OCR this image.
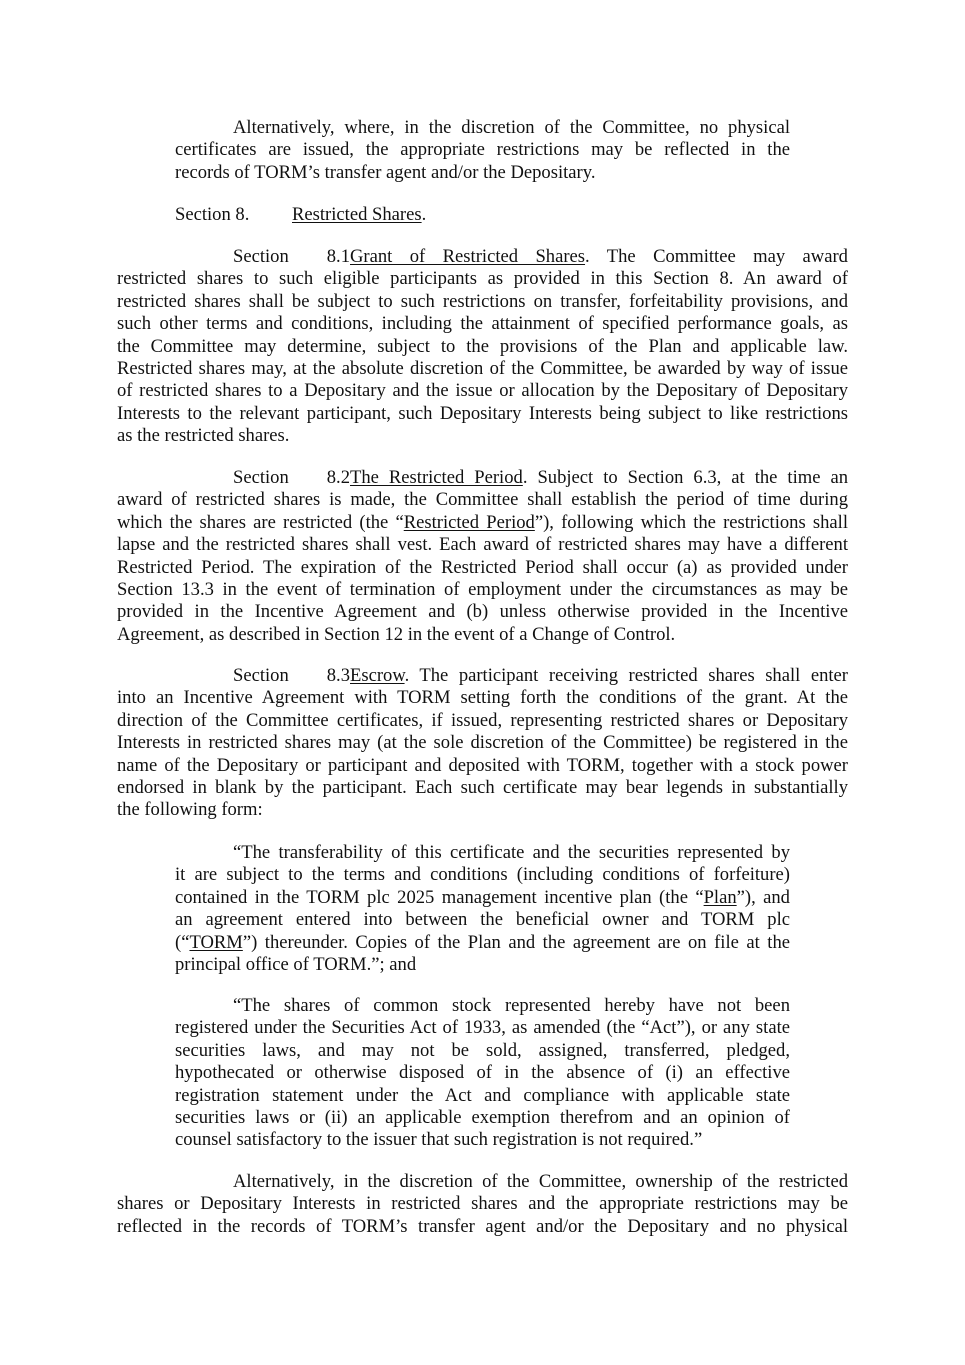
Alternatively, where, in the discretion of the Committee, no physical
certificates are issued, the appropriate restrictions may be reflected in the
records of TORM’s transfer agent and/or the Depositary.
Section 8. Restricted Shares.
Section 8.1Grant of Restricted Shares. The Committee may award
restricted shares to such eligible participants as provided in this Section 8. An award of
restricted shares shall be subject to such restrictions on transfer, forfeitability provisions, and
such other terms and conditions, including the attainment of specified performance goals, as
the Committee may determine, subject to the provisions of the Plan and applicable law.
Restricted shares may, at the absolute discretion of the Committee, be awarded by way of issue
of restricted shares to a Depositary and the issue or allocation by the Depositary of Depositary
Interests to the relevant participant, such Depositary Interests being subject to like restrictions
as the restricted shares.
Section 8.2The Restricted Period. Subject to Section 6.3, at the time an
award of restricted shares is made, the Committee shall establish the period of time during
which the shares are restricted (the “Restricted Period”), following which the restrictions shall
lapse and the restricted shares shall vest. Each award of restricted shares may have a different
Restricted Period. The expiration of the Restricted Period shall occur (a) as provided under
Section 13.3 in the event of termination of employment under the circumstances as may be
provided in the Incentive Agreement and (b) unless otherwise provided in the Incentive
Agreement, as described in Section 12 in the event of a Change of Control.
Section 8.3Escrow. The participant receiving restricted shares shall enter
into an Incentive Agreement with TORM setting forth the conditions of the grant. At the
direction of the Committee certificates, if issued, representing restricted shares or Depositary
Interests in restricted shares may (at the sole discretion of the Committee) be registered in the
name of the Depositary or participant and deposited with TORM, together with a stock power
endorsed in blank by the participant. Each such certificate may bear legends in substantially
the following form:
“The transferability of this certificate and the securities represented by
it are subject to the terms and conditions (including conditions of forfeiture)
contained in the TORM plc 2025 management incentive plan (the “Plan”), and
an agreement entered into between the beneficial owner and TORM plc
(“TORM”) thereunder. Copies of the Plan and the agreement are on file at the
principal office of TORM.”; and
“The shares of common stock represented hereby have not been
registered under the Securities Act of 1933, as amended (the “Act”), or any state
securities laws, and may not be sold, assigned, transferred, pledged,
hypothecated or otherwise disposed of in the absence of (i) an effective
registration statement under the Act and compliance with applicable state
securities laws or (ii) an applicable exemption therefrom and an opinion of
counsel satisfactory to the issuer that such registration is not required.”
Alternatively, in the discretion of the Committee, ownership of the restricted
shares or Depositary Interests in restricted shares and the appropriate restrictions may be
reflected in the records of TORM’s transfer agent and/or the Depositary and no physical
